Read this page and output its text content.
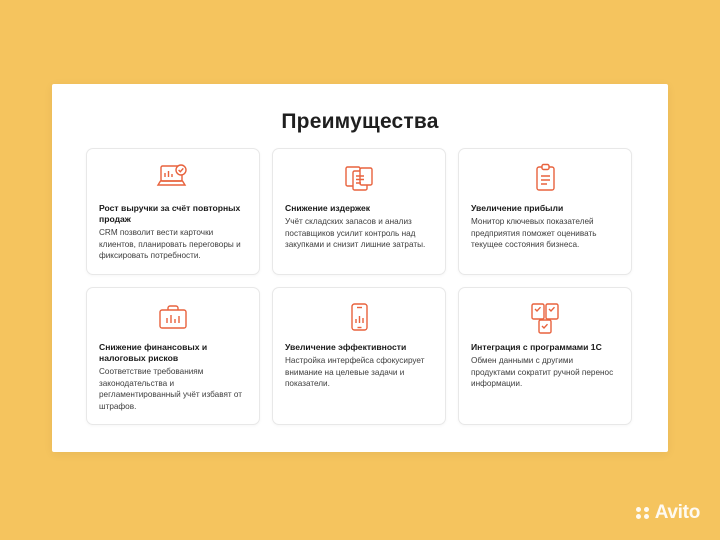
Преимущества

Рост выручки за счёт повторных продаж

CRM позволит вести карточки клиентов, планировать переговоры и фиксировать потребности.

Снижение издержек

Учёт складских запасов и анализ поставщиков усилит контроль над закупками и снизит лишние затраты.

Увеличение прибыли

Монитор ключевых показателей предприятия поможет оценивать текущее состояния бизнеса.

Снижение финансовых и налоговых рисков

Соответствие требованиям законодательства и регламентированный учёт избавят от штрафов.

Увеличение эффективности

Настройка интерфейса сфокусирует внимание на целевые задачи и показатели.

Интеграция с программами 1С

Обмен данными с другими продуктами сократит ручной перенос информации.

Avito
